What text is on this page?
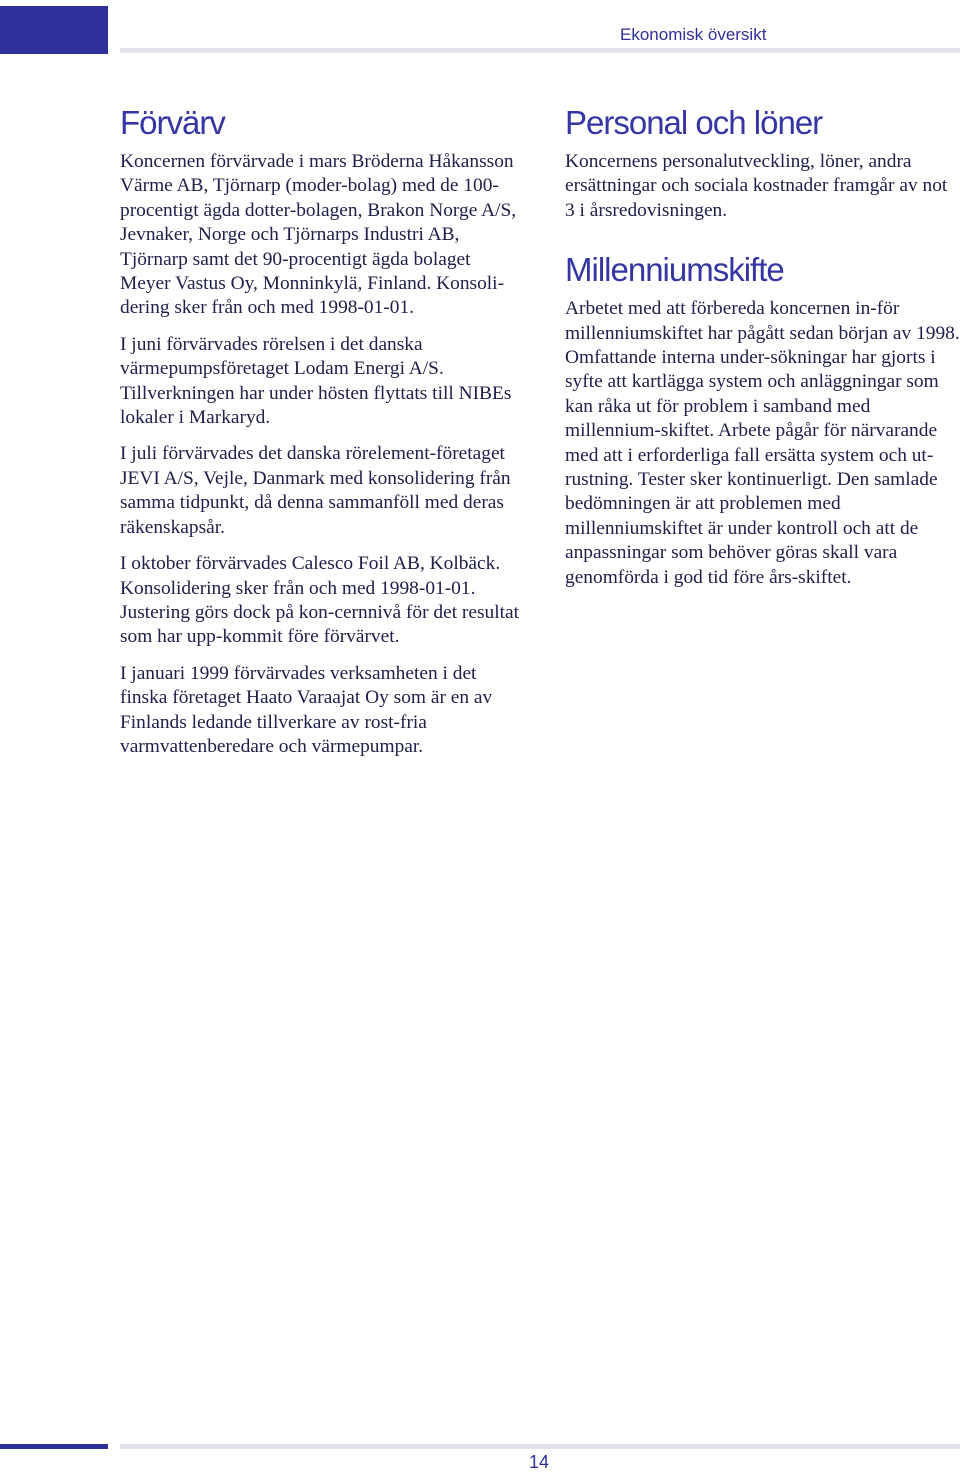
Ekonomisk översikt
Förvärv

Koncernen förvärvade i mars Bröderna Håkansson Värme AB, Tjörnarp (moder-bolag) med de 100-procentigt ägda dotter-bolagen, Brakon Norge A/S, Jevnaker, Norge och Tjörnarps Industri AB, Tjörnarp samt det 90-procentigt ägda bolaget Meyer Vastus Oy, Monninkylä, Finland. Konsoli-dering sker från och med 1998-01-01.

I juni förvärvades rörelsen i det danska värmepumpsföretaget Lodam Energi A/S. Tillverkningen har under hösten flyttats till NIBEs lokaler i Markaryd.

I juli förvärvades det danska rörelement-företaget JEVI A/S, Vejle, Danmark med konsolidering från samma tidpunkt, då denna sammanföll med deras räkenskapsår.

I oktober förvärvades Calesco Foil AB, Kolbäck. Konsolidering sker från och med 1998-01-01. Justering görs dock på kon-cernnivå för det resultat som har upp-kommit före förvärvet.

I januari 1999 förvärvades verksamheten i det finska företaget Haato Varaajat Oy som är en av Finlands ledande tillverkare av rost-fria varmvattenberedare och värmepumpar.

Personal och löner

Koncernens personalutveckling, löner, andra ersättningar och sociala kostnader framgår av not 3 i årsredovisningen.

Millenniumskifte

Arbetet med att förbereda koncernen in-för millenniumskiftet har pågått sedan början av 1998. Omfattande interna under-sökningar har gjorts i syfte att kartlägga system och anläggningar som kan råka ut för problem i samband med millennium-skiftet. Arbete pågår för närvarande med att i erforderliga fall ersätta system och ut-rustning. Tester sker kontinuerligt. Den samlade bedömningen är att problemen med millenniumskiftet är under kontroll och att de anpassningar som behöver göras skall vara genomförda i god tid före års-skiftet.

14
